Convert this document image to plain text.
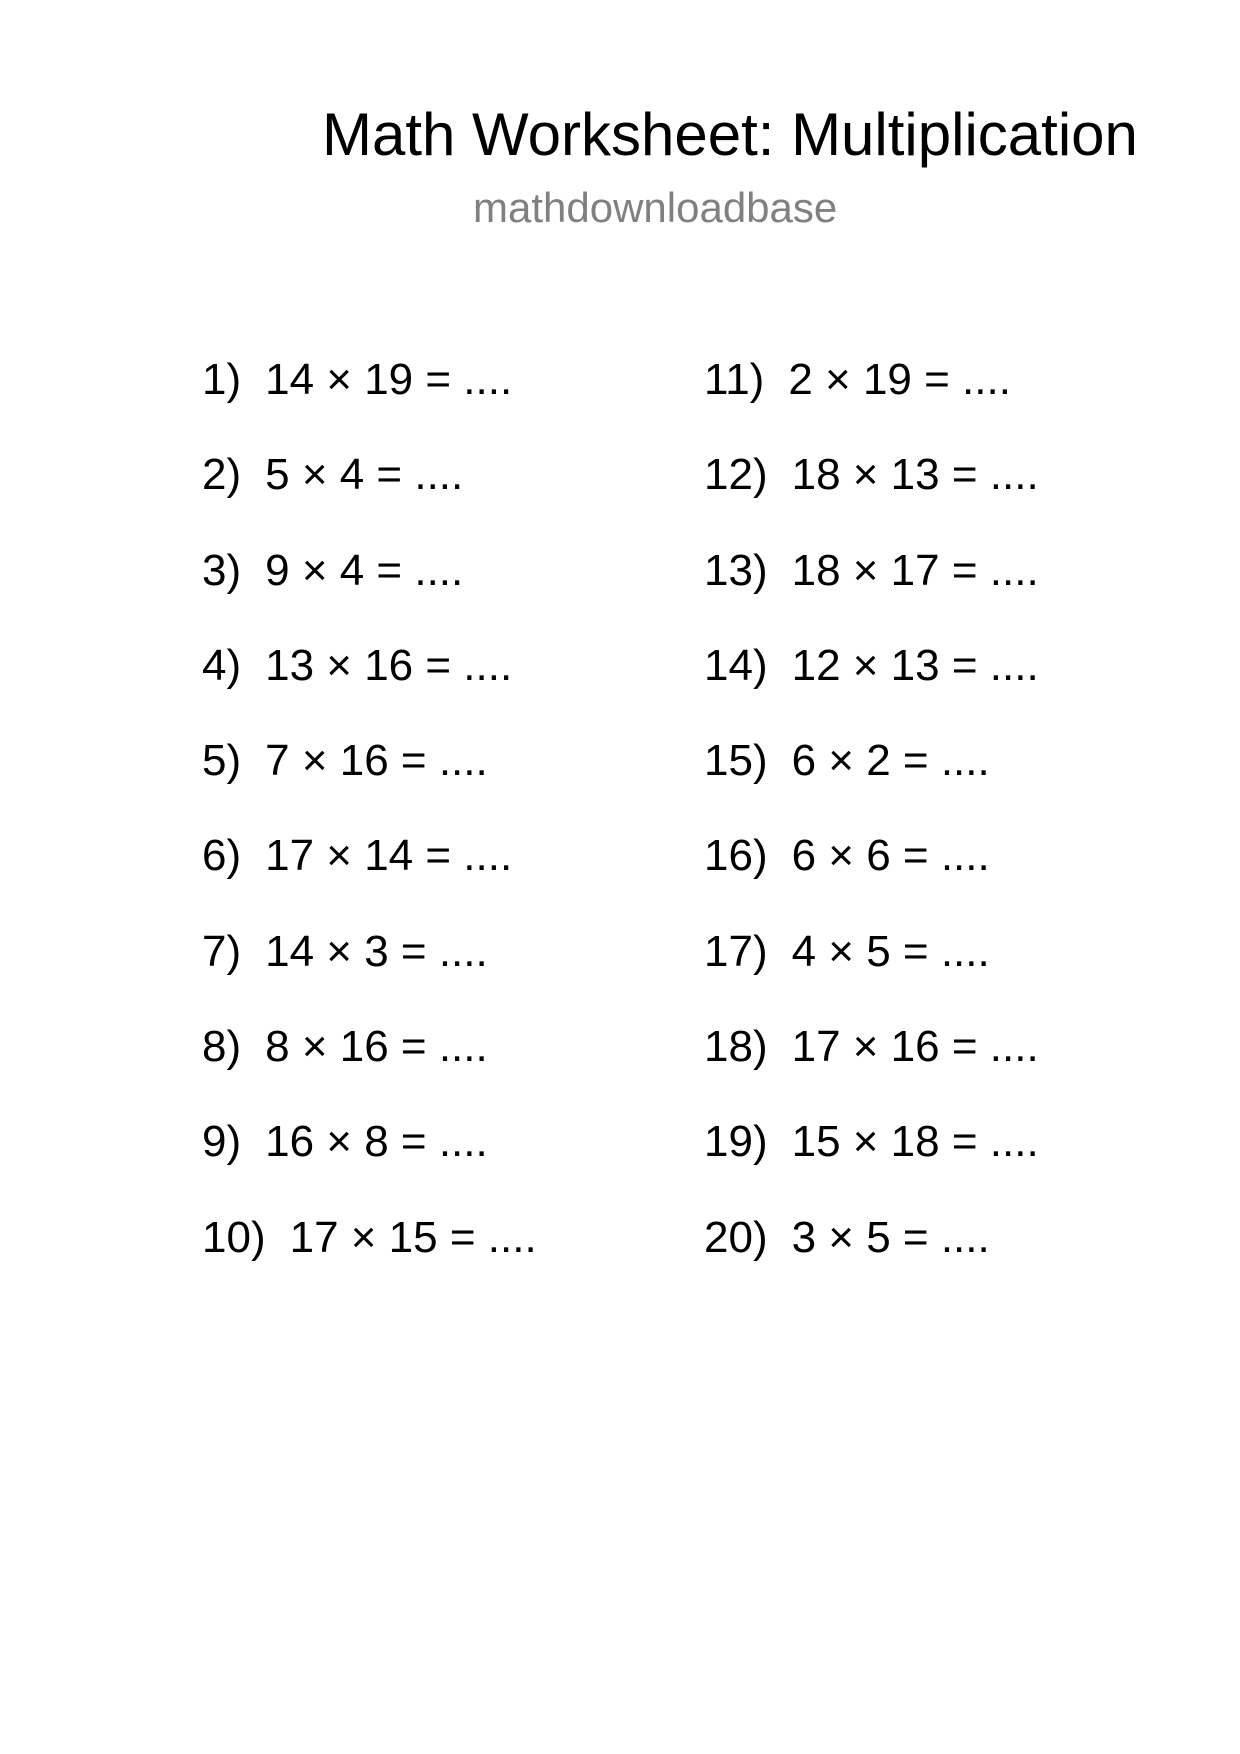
Math Worksheet: Multiplication
mathdownloadbase
1) 14 × 19 = ....
2) 5 × 4 = ....
3) 9 × 4 = ....
4) 13 × 16 = ....
5) 7 × 16 = ....
6) 17 × 14 = ....
7) 14 × 3 = ....
8) 8 × 16 = ....
9) 16 × 8 = ....
10) 17 × 15 = ....
11) 2 × 19 = ....
12) 18 × 13 = ....
13) 18 × 17 = ....
14) 12 × 13 = ....
15) 6 × 2 = ....
16) 6 × 6 = ....
17) 4 × 5 = ....
18) 17 × 16 = ....
19) 15 × 18 = ....
20) 3 × 5 = ....
